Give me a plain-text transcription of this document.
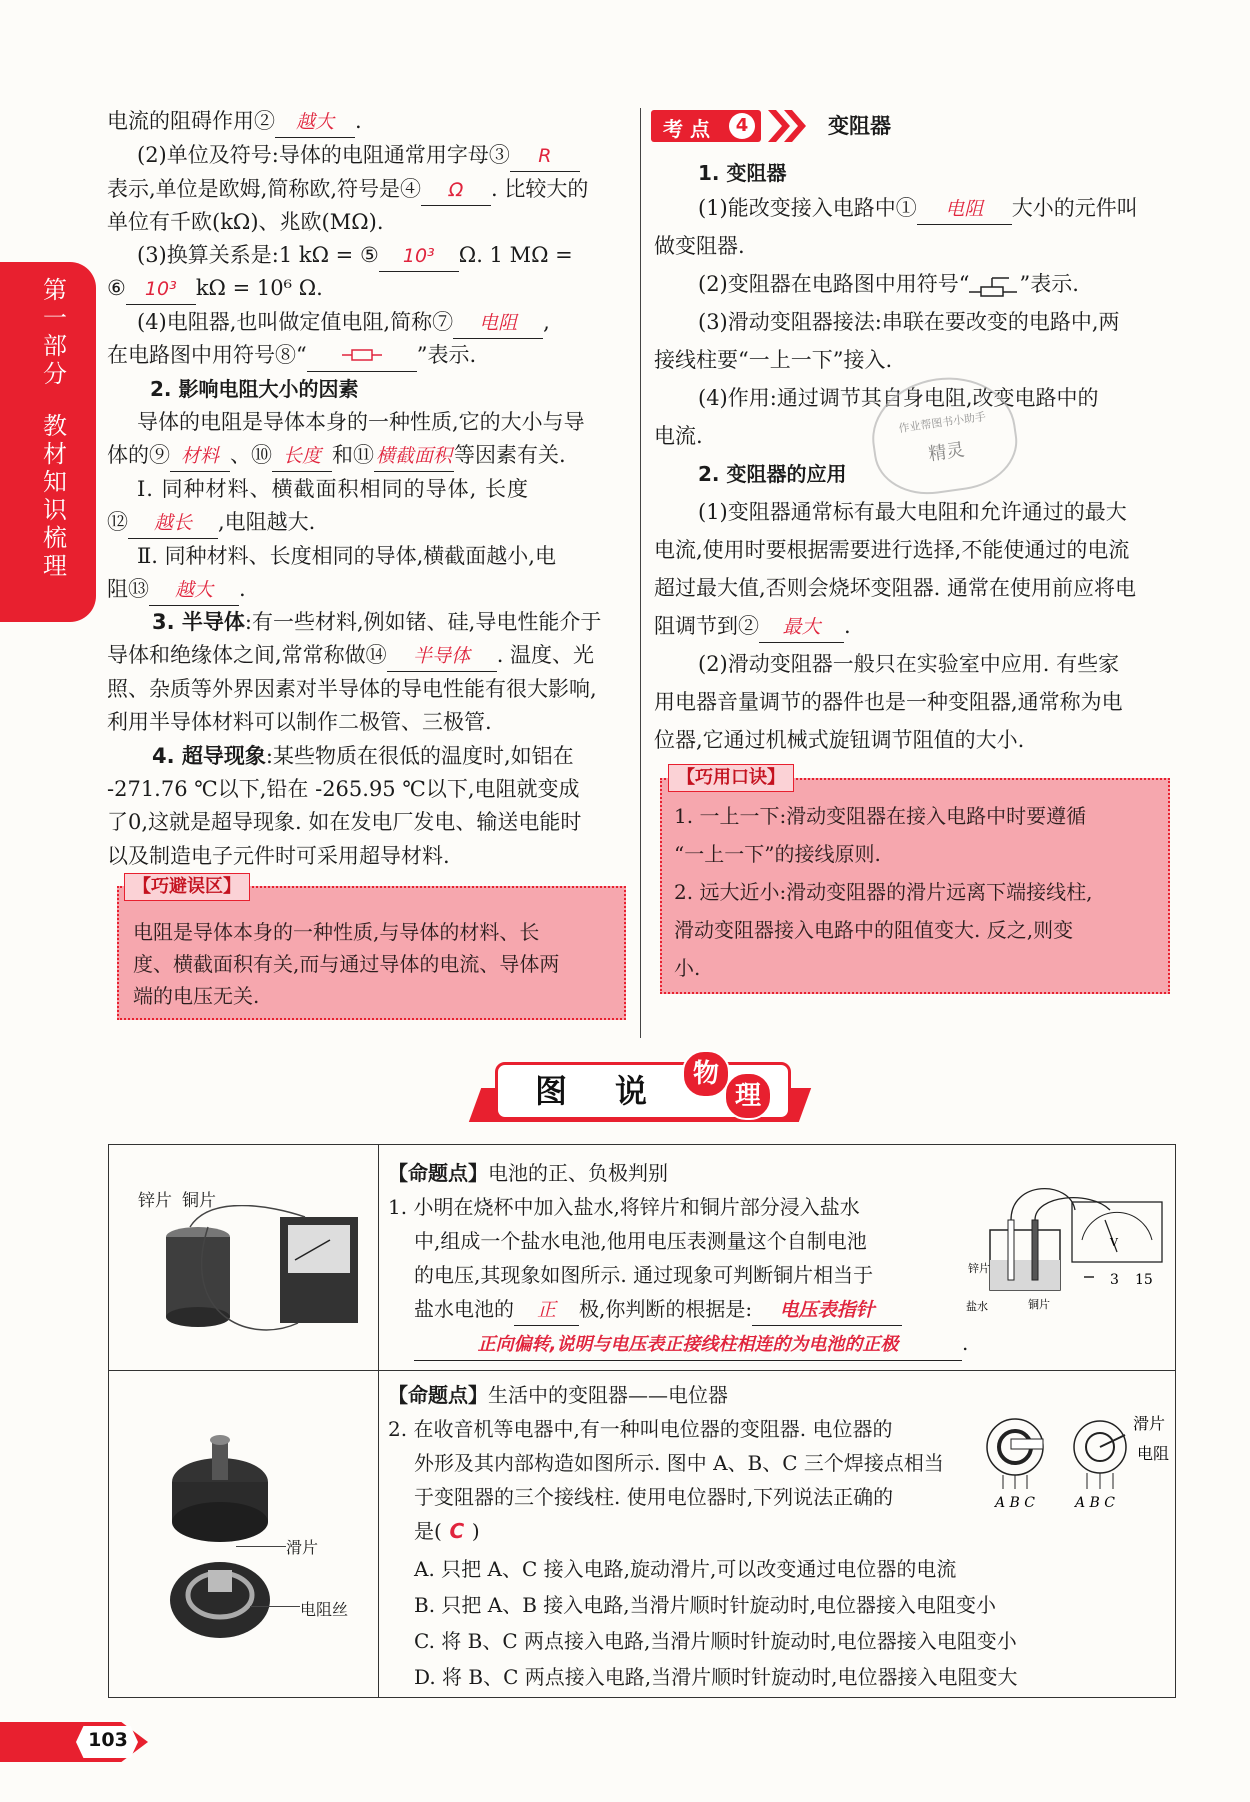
第一部分
教材知识梳理
电流的阻碍作用② 越大 .
(2)单位及符号:导体的电阻通常用字母③ R
表示,单位是欧姆,简称欧,符号是④ Ω . 比较大的
单位有千欧(kΩ)、兆欧(MΩ).
(3)换算关系是:1 kΩ = ⑤ 10³ Ω. 1 MΩ =
⑥ 10³ kΩ = 10⁶ Ω.
(4)电阻器,也叫做定值电阻,简称⑦ 电阻 ,
在电路图中用符号⑧“	”表示.
2. 影响电阻大小的因素
导体的电阻是导体本身的一种性质,它的大小与导
体的⑨ 材料 、⑩ 长度 和⑪ 横截面积等因素有关.
Ⅰ. 同种材料、横截面积相同的导体, 长度
⑫ 越长 ,电阻越大.
Ⅱ. 同种材料、长度相同的导体,横截面越小,电
阻⑬ 越大 .
3. 半导体:有一些材料,例如锗、硅,导电性能介于
导体和绝缘体之间,常常称做⑭ 半导体 . 温度、光
照、杂质等外界因素对半导体的导电性能有很大影响,
利用半导体材料可以制作二极管、三极管.
4. 超导现象:某些物质在很低的温度时,如铝在
-271.76 ℃以下,铅在 -265.95 ℃以下,电阻就变成
了0,这就是超导现象. 如在发电厂发电、输送电能时
以及制造电子元件时可采用超导材料.
电阻是导体本身的一种性质,与导体的材料、长
度、横截面积有关,而与通过导体的电流、导体两
端的电压无关.
【巧避误区】
考 点	4	变阻器
1. 变阻器
(1)能改变接入电路中① 电阻 大小的元件叫
做变阻器.
(2)变阻器在电路图中用符号“ ”表示.
(3)滑动变阻器接法:串联在要改变的电路中,两
接线柱要“一上一下”接入.
(4)作用:通过调节其自身电阻,改变电路中的
电流.
2. 变阻器的应用
作业帮图书小助手
精灵
(1)变阻器通常标有最大电阻和允许通过的最大
电流,使用时要根据需要进行选择,不能使通过的电流
超过最大值,否则会烧坏变阻器. 通常在使用前应将电
阻调节到② 最大 .
(2)滑动变阻器一般只在实验室中应用. 有些家
用电器音量调节的器件也是一种变阻器,通常称为电
位器,它通过机械式旋钮调节阻值的大小.
1. 一上一下:滑动变阻器在接入电路中时要遵循
“一上一下”的接线原则.
2. 远大近小:滑动变阻器的滑片远离下端接线柱,
滑动变阻器接入电路中的阻值变大. 反之,则变
小.
【巧用口诀】
图 说	物
理
锌片 铜片
【命题点】电池的正、负极判别
1. 小明在烧杯中加入盐水,将锌片和铜片部分浸入盐水
中,组成一个盐水电池,他用电压表测量这个自制电池
的电压,其现象如图所示. 通过现象可判断铜片相当于
盐水电池的 正 极,你判断的根据是: 电压表指针
正向偏转,说明与电压表正接线柱相连的为电池的正极	.
V
锌片
盐水	铜片
3 15
滑片
电阻丝
【命题点】生活中的变阻器——电位器
2. 在收音机等电器中,有一种叫电位器的变阻器. 电位器的
外形及其内部构造如图所示. 图中 A、B、C 三个焊接点相当
于变阻器的三个接线柱. 使用电位器时,下列说法正确的
是( C )
A. 只把 A、C 接入电路,旋动滑片,可以改变通过电位器的电流
B. 只把 A、B 接入电路,当滑片顺时针旋动时,电位器接入电阻变小
C. 将 B、C 两点接入电路,当滑片顺时针旋动时,电位器接入电阻变小
D. 将 B、C 两点接入电路,当滑片顺时针旋动时,电位器接入电阻变大
滑片
电阻
A B C	A B C
103
